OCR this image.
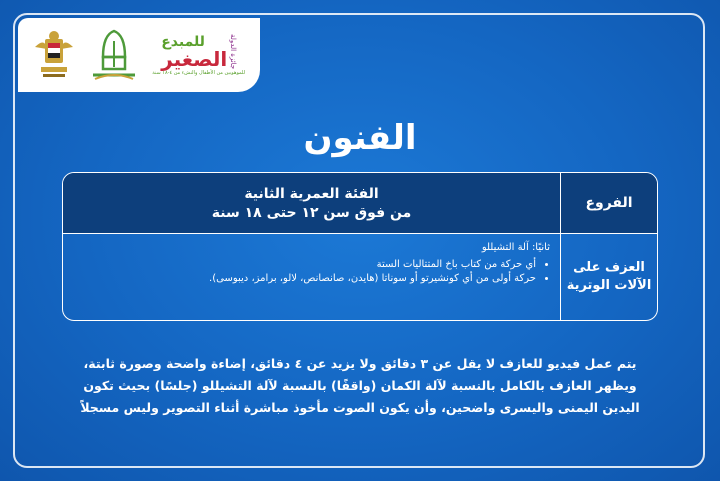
جائزة الدولة
للمبدع
الصغير
للموهوبين من الأطفال والنشء من ٤-١٨ سنة
الفنون
الفئة العمرية الثانية
من فوق سن ١٢ حتى ١٨ سنة
الفروع
ثانيًا: آلة التشيللو
• أي حركة من كتاب باخ المتتاليات الستة
• حركة أولى من أي كونشيرتو أو سوناتا (هايدن، صانصانص، لالو، برامز، ديبوسى).
العزف على
الآلات الوترية
يتم عمل فيديو للعازف لا يقل عن ٣ دقائق ولا يزيد عن ٤ دقائق، إضاءة واضحة وصورة ثابتة، ويظهر العازف بالكامل بالنسبة لآلة الكمان (واقفًا) بالنسبة لآلة التشيللو (جلسًا) بحيث تكون اليدين اليمنى واليسرى واضحين، وأن يكون الصوت مأخوذ مباشرة أثناء التصوير وليس مسجلاً
